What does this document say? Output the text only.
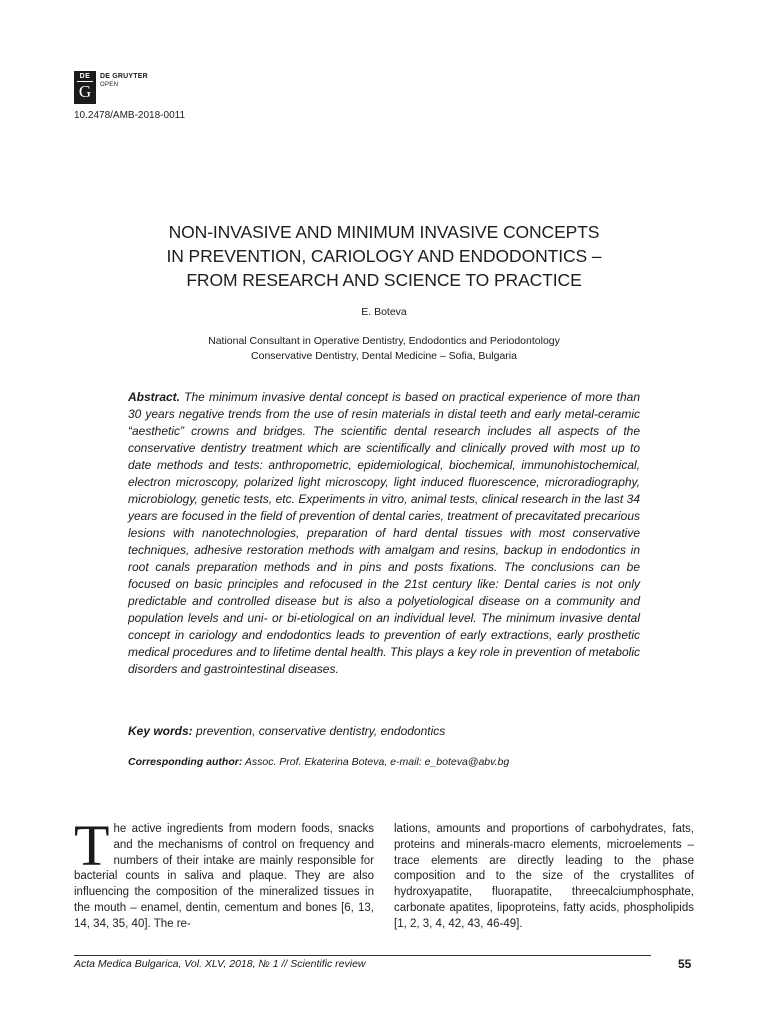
DE
G
DE GRUYTER
OPEN
10.2478/AMB-2018-0011
NON-INVASIVE AND MINIMUM INVASIVE CONCEPTS
IN PREVENTION, CARIOLOGY AND ENDODONTICS –
FROM RESEARCH AND SCIENCE TO PRACTICE
E. Boteva
National Consultant in Operative Dentistry, Endodontics and Periodontology
Conservative Dentistry, Dental Medicine – Sofia, Bulgaria
Abstract. The minimum invasive dental concept is based on practical experience of more than 30 years negative trends from the use of resin materials in distal teeth and early metal-ceramic “aesthetic” crowns and bridges. The scientific dental research includes all aspects of the conservative dentistry treatment which are scientifically and clinically proved with most up to date methods and tests: anthropometric, epidemiological, biochemical, immunohistochemical, electron microscopy, polarized light microscopy, light induced fluorescence, microradiography, microbiology, genetic tests, etc. Experiments in vitro, animal tests, clinical research in the last 34 years are focused in the field of prevention of dental caries, treatment of precavitated precarious lesions with nanotechnologies, preparation of hard dental tissues with most conservative techniques, adhesive restoration methods with amalgam and resins, backup in endodontics in root canals preparation methods and in pins and posts fixations. The conclusions can be focused on basic principles and refocused in the 21st century like: Dental caries is not only predictable and controlled disease but is also a polyetiological disease on a community and population levels and uni- or bi-etiological on an individual level. The minimum invasive dental concept in cariology and endodontics leads to prevention of early extractions, early prosthetic medical procedures and to lifetime dental health. This plays a key role in prevention of metabolic disorders and gastrointestinal diseases.
Key words: prevention, conservative dentistry, endodontics
Corresponding author: Assoc. Prof. Ekaterina Boteva, e-mail: e_boteva@abv.bg
T he active ingredients from modern foods, snacks and the mechanisms of control on frequency and numbers of their intake are mainly responsible for bacterial counts in saliva and plaque. They are also influencing the composition of the mineralized tissues in the mouth – enamel, dentin, cementum and bones [6, 13, 14, 34, 35, 40]. The re-
lations, amounts and proportions of carbohydrates, fats, proteins and minerals-macro elements, microelements – trace elements are directly leading to the phase composition and to the size of the crystallites of hydroxyapatite, fluorapatite, threecalciumphosphate, carbonate apatites, lipoproteins, fatty acids, phospholipids [1, 2, 3, 4, 42, 43, 46-49].
Acta Medica Bulgarica, Vol. XLV, 2018, № 1 // Scientific review	55
